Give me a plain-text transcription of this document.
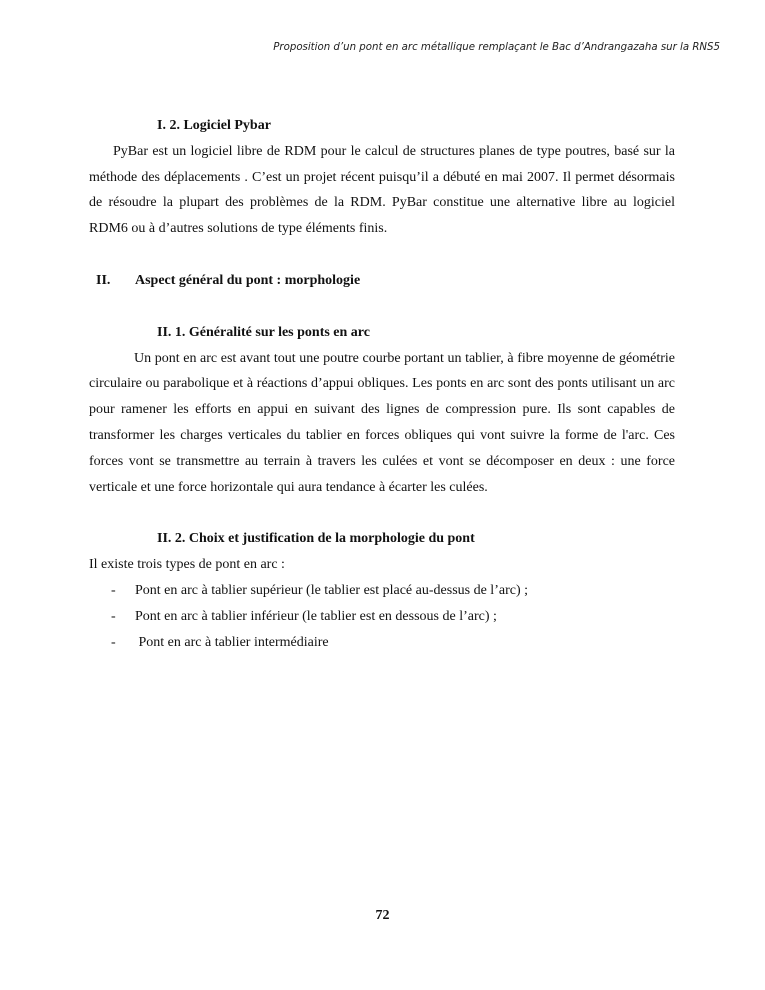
Proposition d’un pont en arc métallique remplaçant le Bac d’Andrangazaha sur la RNS5

I. 2. Logiciel Pybar

PyBar est un logiciel libre de RDM pour le calcul de structures planes de type poutres, basé sur la méthode des déplacements . C’est un projet récent puisqu’il a débuté en mai 2007. Il permet désormais de résoudre la plupart des problèmes de la RDM. PyBar constitue une alternative libre au logiciel RDM6 ou à d’autres solutions de type éléments finis.

II.	Aspect général du pont : morphologie

II. 1. Généralité sur les ponts en arc

Un pont en arc est avant tout une poutre courbe portant un tablier, à fibre moyenne de géométrie circulaire ou parabolique et à réactions d’appui obliques. Les ponts en arc sont des ponts utilisant un arc pour ramener les efforts en appui en suivant des lignes de compression pure. Ils sont capables de transformer les charges verticales du tablier en forces obliques qui vont suivre la forme de l'arc. Ces forces vont se transmettre au terrain à travers les culées et vont se décomposer en deux : une force verticale et une force horizontale qui aura tendance à écarter les culées.

II. 2. Choix et justification de la morphologie du pont

Il existe trois types de pont en arc :

-	Pont en arc à tablier supérieur (le tablier est placé au-dessus de l’arc) ;
-	Pont en arc à tablier inférieur (le tablier est en dessous de l’arc) ;
-	Pont en arc à tablier intermédiaire
72
